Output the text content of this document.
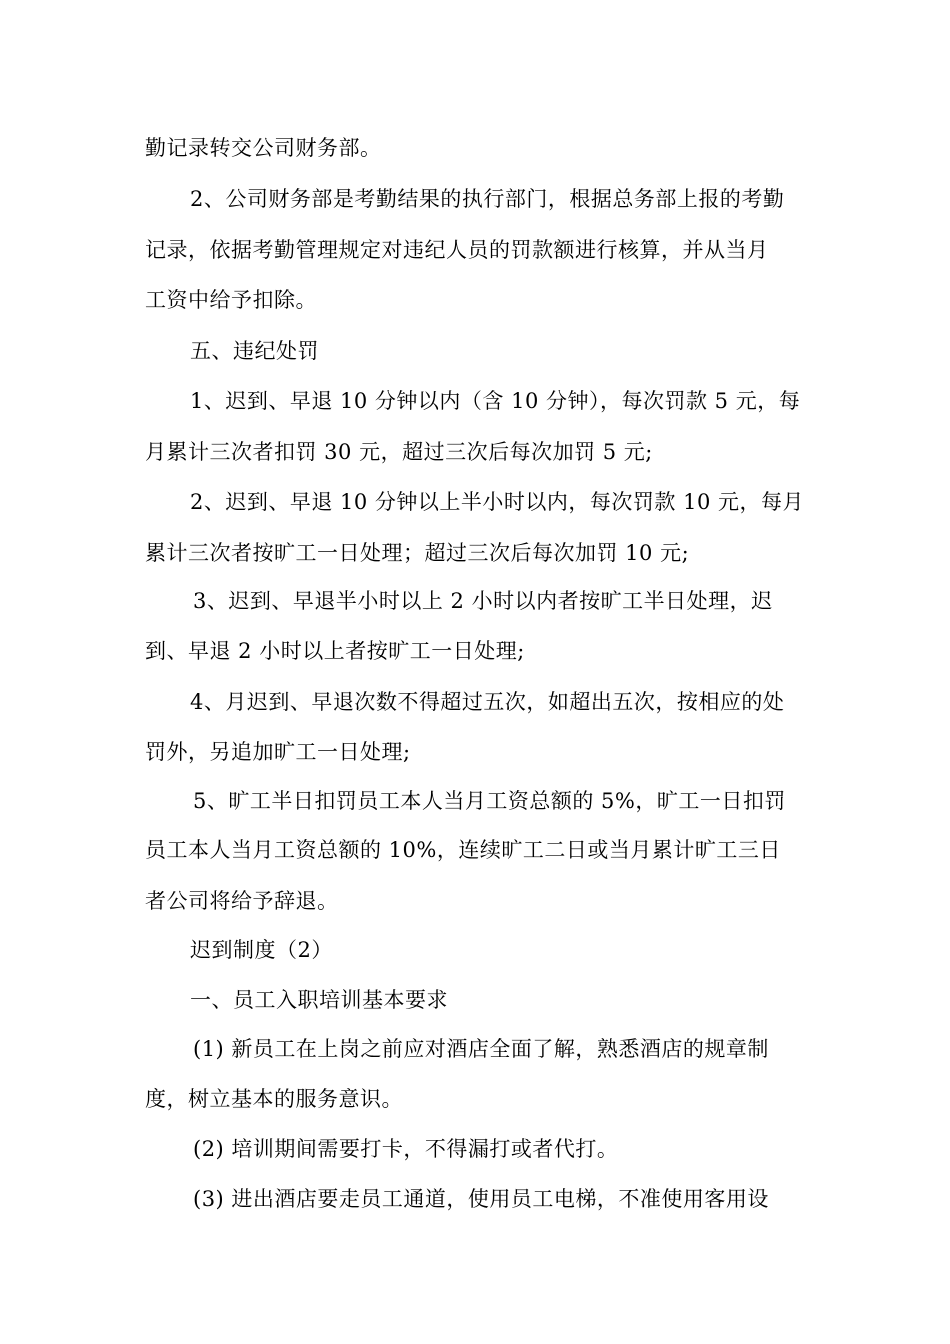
勤记录转交公司财务部。
2、公司财务部是考勤结果的执行部门，根据总务部上报的考勤
记录，依据考勤管理规定对违纪人员的罚款额进行核算，并从当月
工资中给予扣除。
五、违纪处罚
1、迟到、早退 10 分钟以内（含 10 分钟），每次罚款 5 元，每
月累计三次者扣罚 30 元，超过三次后每次加罚 5 元;
2、迟到、早退 10 分钟以上半小时以内，每次罚款 10 元，每月
累计三次者按旷工一日处理；超过三次后每次加罚 10 元;
3、迟到、早退半小时以上 2 小时以内者按旷工半日处理，迟
到、早退 2 小时以上者按旷工一日处理;
4、月迟到、早退次数不得超过五次，如超出五次，按相应的处
罚外，另追加旷工一日处理;
5、旷工半日扣罚员工本人当月工资总额的 5%，旷工一日扣罚
员工本人当月工资总额的 10%，连续旷工二日或当月累计旷工三日
者公司将给予辞退。
迟到制度（2）
一、员工入职培训基本要求
(1) 新员工在上岗之前应对酒店全面了解，熟悉酒店的规章制
度，树立基本的服务意识。
(2) 培训期间需要打卡，不得漏打或者代打。
(3) 进出酒店要走员工通道，使用员工电梯，不准使用客用设
